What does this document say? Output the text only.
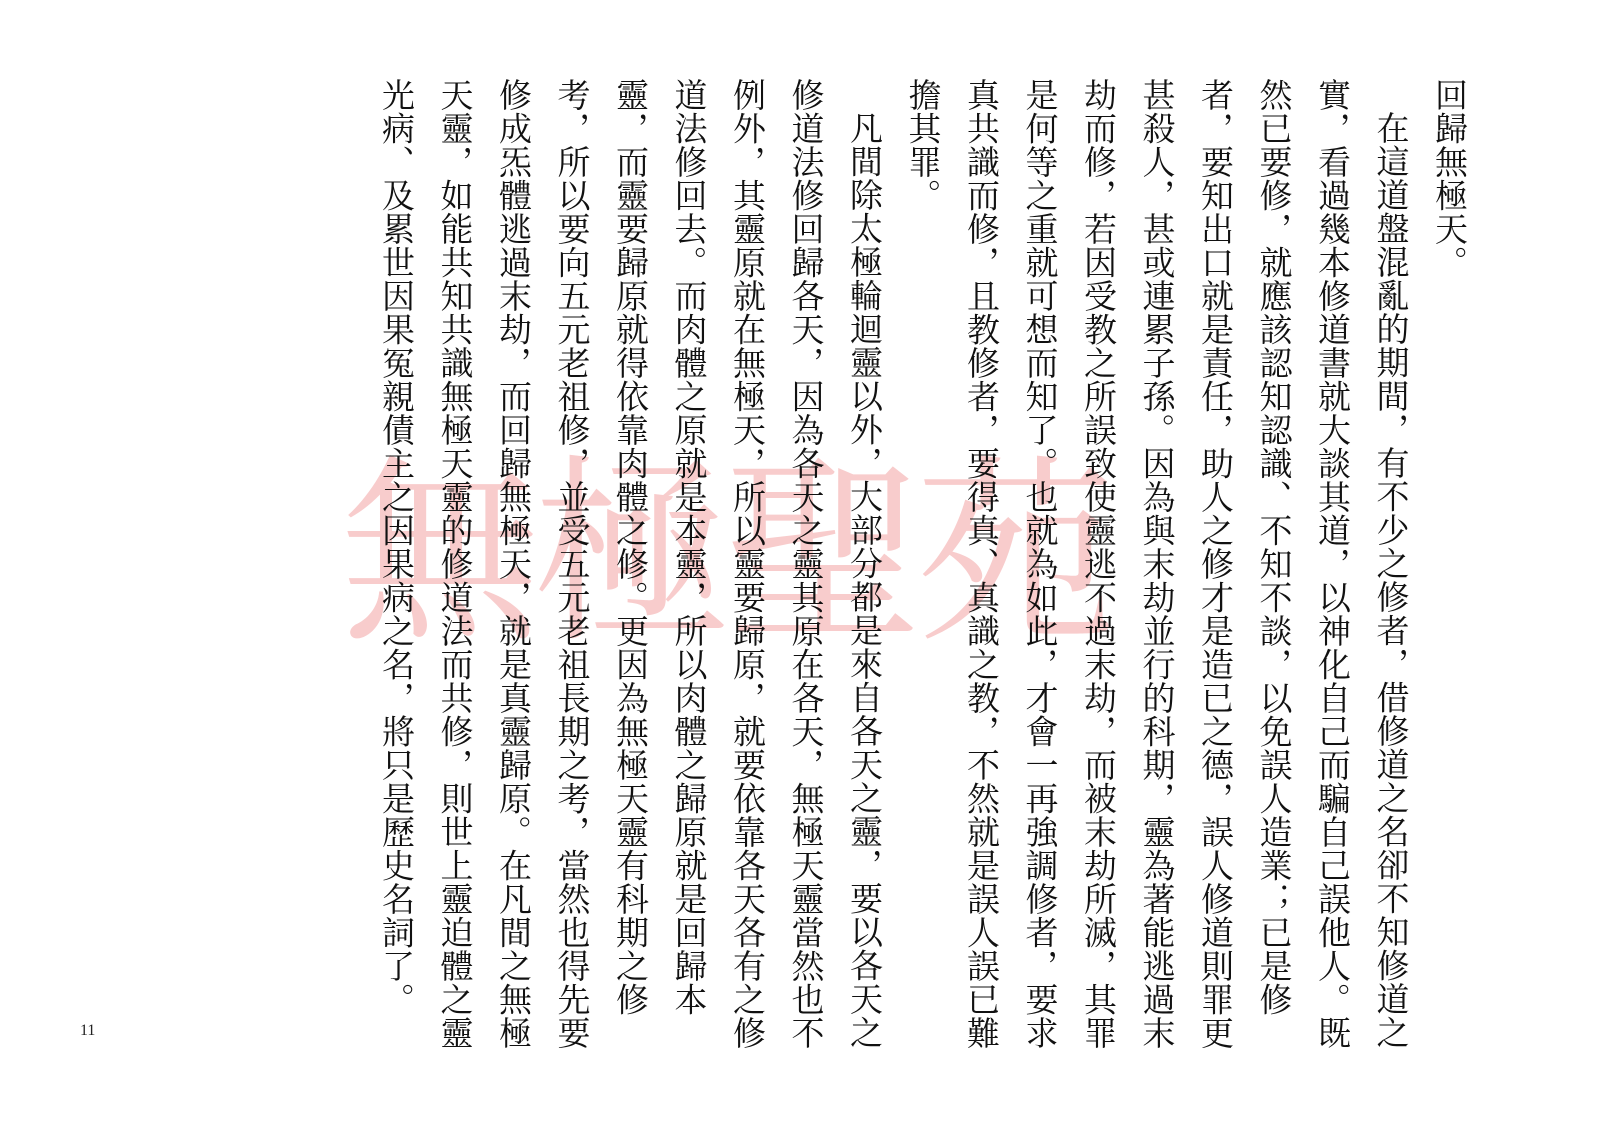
無極聖苑

回歸無極天。

在這道盤混亂的期間，有不少之修者，借修道之名卻不知修道之實，看過幾本修道書就大談其道，以神化自己而騙自己誤他人。既然已要修，就應該認知認識、不知不談，以免誤人造業；已是修者，要知出口就是責任，助人之修才是造已之德，誤人修道則罪更甚殺人，甚或連累子孫。因為與末劫並行的科期，靈為著能逃過末劫而修，若因受教之所誤致使靈逃不過末劫，而被末劫所滅，其罪是何等之重就可想而知了。也就為如此，才會一再強調修者，要求真共識而修，且教修者，要得真、真識之教，不然就是誤人誤已難擔其罪。

凡間除太極輪迴靈以外，大部分都是來自各天之靈，要以各天之修道法修回歸各天，因為各天之靈其原在各天，無極天靈當然也不例外，其靈原就在無極天，所以靈要歸原，就要依靠各天各有之修道法修回去。而肉體之原就是本靈，所以肉體之歸原就是回歸本靈，而靈要歸原就得依靠肉體之修。更因為無極天靈有科期之修考，所以要向五元老祖修，並受五元老祖長期之考，當然也得先要修成炁體逃過末劫，而回歸無極天，就是真靈歸原。在凡間之無極天靈，如能共知共識無極天靈的修道法而共修，則世上靈迫體之靈光病、及累世因果冤親債主之因果病之名，將只是歷史名詞了。

11
